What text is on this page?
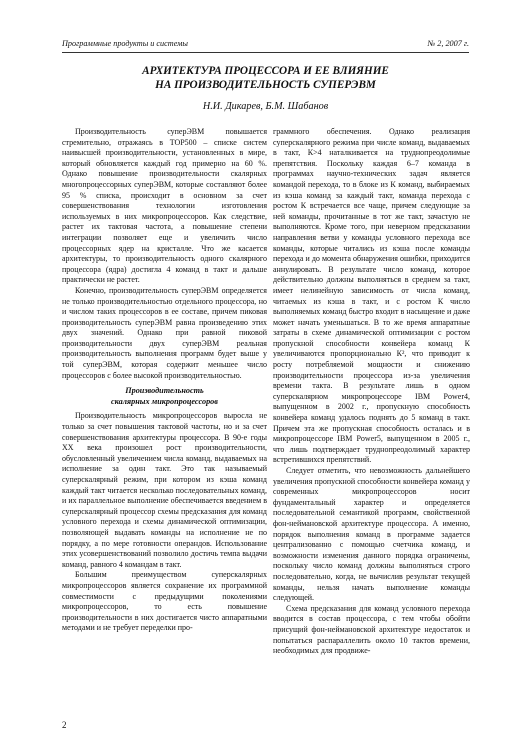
Программные продукты и системы	№ 2, 2007 г.
АРХИТЕКТУРА ПРОЦЕССОРА И ЕЕ ВЛИЯНИЕ
НА ПРОИЗВОДИТЕЛЬНОСТЬ СУПЕРЭВМ
Н.И. Дикарев, Б.М. Шабанов

Производительность суперЭВМ повышается стремительно, отражаясь в TOP500 – списке систем наивысшей производительности, установленных в мире, который обновляется каждый год примерно на 60 %. Однако повышение производительности скалярных многопроцессорных суперЭВМ, которые составляют более 95 % списка, происходит в основном за счет совершенствования технологии изготовления используемых в них микропроцессоров. Как следствие, растет их тактовая частота, а повышение степени интеграции позволяет еще и увеличить число процессорных ядер на кристалле. Что же касается архитектуры, то производительность одного скалярного процессора (ядра) достигла 4 команд в такт и дальше практически не растет.

Конечно, производительность суперЭВМ определяется не только производительностью отдельного процессора, но и числом таких процессоров в ее составе, причем пиковая производительность суперЭВМ равна произведению этих двух значений. Однако при равной пиковой производительности двух суперЭВМ реальная производительность выполнения программ будет выше у той суперЭВМ, которая содержит меньшее число процессоров с более высокой производительностью.

Производительность
скалярных микропроцессоров

Производительность микропроцессоров выросла не только за счет повышения тактовой частоты, но и за счет совершенствования архитектуры процессора. В 90-е годы XX века произошел рост производительности, обусловленный увеличением числа команд, выдаваемых на исполнение за один такт. Это так называемый суперскалярный режим, при котором из кэша команд каждый такт читается несколько последовательных команд, и их параллельное выполнение обеспечивается введением в суперскалярный процессор схемы предсказания для команд условного перехода и схемы динамической оптимизации, позволяющей выдавать команды на исполнение не по порядку, а по мере готовности операндов. Использование этих усовершенствований позволило достичь темпа выдачи команд, равного 4 командам в такт.

Большим преимуществом суперскалярных микропроцессоров является сохранение их программной совместимости с предыдущими поколениями микропроцессоров, то есть повышение производительности в них достигается чисто аппаратными методами и не требует переделки про-

граммного обеспечения. Однако реализация суперскалярного режима при числе команд, выдаваемых в такт, К>4 наталкивается на труднопреодолимые препятствия. Поскольку каждая 6–7 команда в программах научно-технических задач является командой перехода, то в блоке из К команд, выбираемых из кэша команд за каждый такт, команда перехода с ростом К встречается все чаще, причем следующие за ней команды, прочитанные в тот же такт, зачастую не выполняются. Кроме того, при неверном предсказании направления ветви у команды условного перехода все команды, которые читались из кэша после команды перехода и до момента обнаружения ошибки, приходится аннулировать. В результате число команд, которое действительно должны выполняться в среднем за такт, имеет нелинейную зависимость от числа команд, читаемых из кэша в такт, и с ростом К число выполняемых команд быстро входит в насыщение и даже может начать уменьшаться. В то же время аппаратные затраты в схеме динамической оптимизации с ростом пропускной способности конвейера команд К увеличиваются пропорционально К², что приводит к росту потребляемой мощности и снижению производительности процессора из-за увеличения времени такта. В результате лишь в одном суперскалярном микропроцессоре IBM Power4, выпущенном в 2002 г., пропускную способность конвейера команд удалось поднять до 5 команд в такт. Причем эта же пропускная способность осталась и в микропроцессоре IBM Power5, выпущенном в 2005 г., что лишь подтверждает труднопреодолимый характер встретившихся препятствий.

Следует отметить, что невозможность дальнейшего увеличения пропускной способности конвейера команд у современных микропроцессоров носит фундаментальный характер и определяется последовательной семантикой программ, свойственной фон-неймановской архитектуре процессора. А именно, порядок выполнения команд в программе задается централизованно с помощью счетчика команд, и возможности изменения данного порядка ограничены, поскольку число команд должны выполняться строго последовательно, когда, не вычислив результат текущей команды, нельзя начать выполнение команды следующей.

Схема предсказания для команд условного перехода вводится в состав процессора, с тем чтобы обойти присущий фон-неймановской архитектуре недостаток и попытаться распараллелить около 10 тактов времени, необходимых для продвиже-

2
